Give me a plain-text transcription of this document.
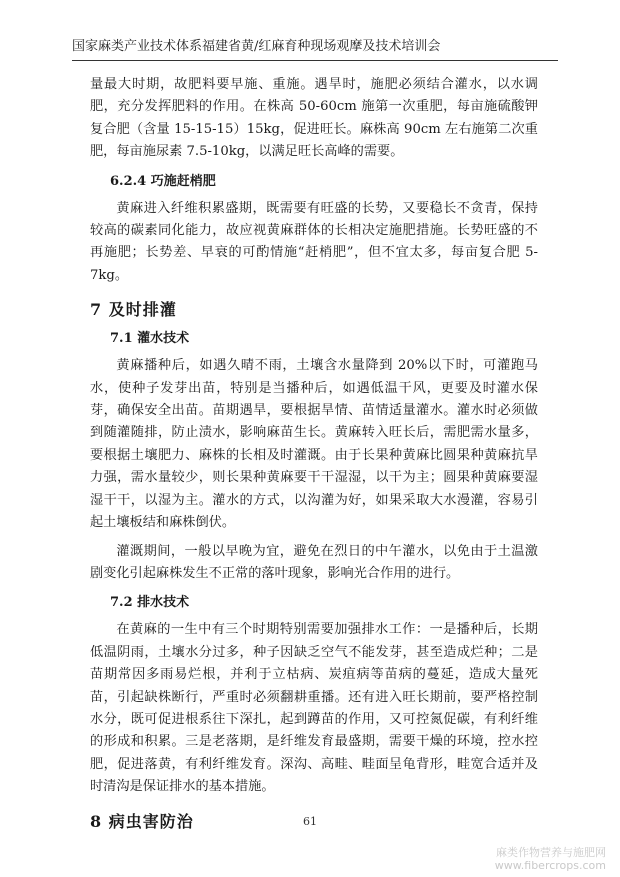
国家麻类产业技术体系福建省黄/红麻育种现场观摩及技术培训会

量最大时期，故肥料要早施、重施。遇旱时，施肥必须结合灌水，以水调肥，充分发挥肥料的作用。在株高 50-60cm 施第一次重肥，每亩施硫酸钾复合肥（含量 15-15-15）15kg，促进旺长。麻株高 90cm 左右施第二次重肥，每亩施尿素 7.5-10kg，以满足旺长高峰的需要。

6.2.4 巧施赶梢肥

黄麻进入纤维积累盛期，既需要有旺盛的长势，又要稳长不贪青，保持较高的碳素同化能力，故应视黄麻群体的长相决定施肥措施。长势旺盛的不再施肥；长势差、早衰的可酌情施“赶梢肥”，但不宜太多，每亩复合肥 5-7kg。

7 及时排灌
7.1 灌水技术

黄麻播种后，如遇久晴不雨，土壤含水量降到 20%以下时，可灌跑马水，使种子发芽出苗，特别是当播种后，如遇低温干风，更要及时灌水保芽，确保安全出苗。苗期遇旱，要根据旱情、苗情适量灌水。灌水时必须做到随灌随排，防止渍水，影响麻苗生长。黄麻转入旺长后，需肥需水量多，要根据土壤肥力、麻株的长相及时灌溉。由于长果种黄麻比圆果种黄麻抗旱力强，需水量较少，则长果种黄麻要干干湿湿，以干为主；圆果种黄麻要湿湿干干，以湿为主。灌水的方式，以沟灌为好，如果采取大水漫灌，容易引起土壤板结和麻株倒伏。

灌溉期间，一般以早晚为宜，避免在烈日的中午灌水，以免由于土温激剧变化引起麻株发生不正常的落叶现象，影响光合作用的进行。

7.2 排水技术

在黄麻的一生中有三个时期特别需要加强排水工作：一是播种后，长期低温阴雨，土壤水分过多，种子因缺乏空气不能发芽，甚至造成烂种；二是苗期常因多雨易烂根，并利于立枯病、炭疽病等苗病的蔓延，造成大量死苗，引起缺株断行，严重时必须翻耕重播。还有进入旺长期前，要严格控制水分，既可促进根系往下深扎，起到蹲苗的作用，又可控氮促碳，有利纤维的形成和积累。三是老落期，是纤维发育最盛期，需要干燥的环境，控水控肥，促进落黄，有利纤维发育。深沟、高畦、畦面呈龟背形，畦宽合适并及时清沟是保证排水的基本措施。

8 病虫害防治	61
麻类作物营养与施肥网
www.fibercrops.com
